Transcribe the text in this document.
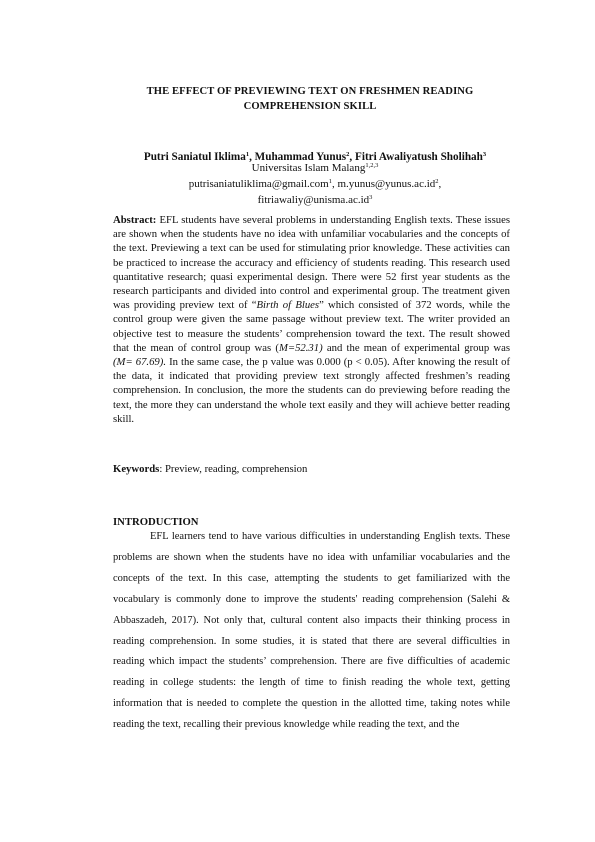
THE EFFECT OF PREVIEWING TEXT ON FRESHMEN READING
COMPREHENSION SKILL
Putri Saniatul Iklima$^1$, Muhammad Yunus$^2$, Fitri Awaliyatush Sholihah$^3$
Universitas Islam Malang$^{1,2,3}$
putrisaniatuliklima@gmail.com$^1$, $m.yunus@yunus.ac.id^2$,
$fitriawaliy@unisma.ac.id^3$
Abstract: EFL students have several problems in understanding English texts. These issues are shown when the students have no idea with unfamiliar vocabularies and the concepts of the text. Previewing a text can be used for stimulating prior knowledge. These activities can be practiced to increase the accuracy and efficiency of students reading. This research used quantitative research; quasi experimental design. There were 52 first year students as the research participants and divided into control and experimental group. The treatment given was providing preview text of “Birth of Blues” which consisted of 372 words, while the control group were given the same passage without preview text. The writer provided an objective test to measure the students’ comprehension toward the text. The result showed that the mean of control group was (M=52.31) and the mean of experimental group was (M= 67.69). In the same case, the p value was 0.000 (p < 0.05). After knowing the result of the data, it indicated that providing preview text strongly affected freshmen’s reading comprehension. In conclusion, the more the students can do previewing before reading the text, the more they can understand the whole text easily and they will achieve better reading skill.
Keywords: Preview, reading, comprehension
INTRODUCTION
EFL learners tend to have various difficulties in understanding English texts. These problems are shown when the students have no idea with unfamiliar vocabularies and the concepts of the text. In this case, attempting the students to get familiarized with the vocabulary is commonly done to improve the students' reading comprehension (Salehi & Abbaszadeh, 2017). Not only that, cultural content also impacts their thinking process in reading comprehension. In some studies, it is stated that there are several difficulties in reading which impact the students’ comprehension. There are five difficulties of academic reading in college students: the length of time to finish reading the whole text, getting information that is needed to complete the question in the allotted time, taking notes while reading the text, recalling their previous knowledge while reading the text, and the
